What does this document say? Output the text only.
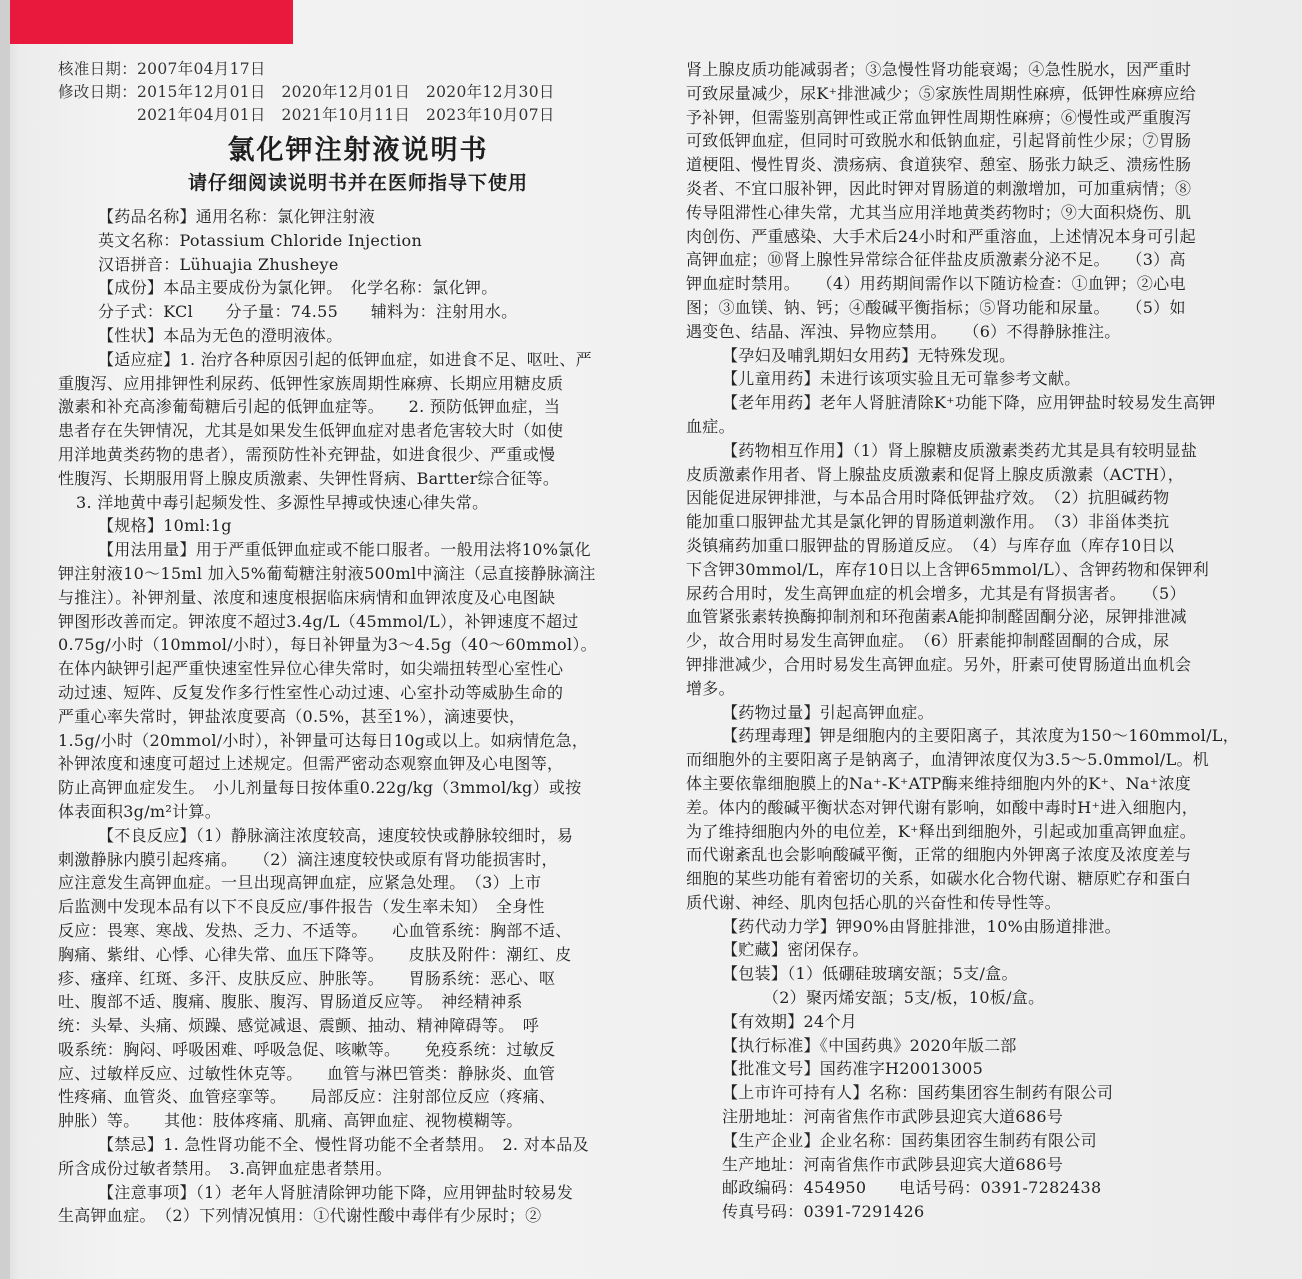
核准日期：2007年04月17日
修改日期：2015年12月01日　2020年12月01日　2020年12月30日
　　　　　2021年04月01日　2021年10月11日　2023年10月07日
氯化钾注射液说明书
请仔细阅读说明书并在医师指导下使用
【药品名称】通用名称：氯化钾注射液
英文名称：Potassium Chloride Injection
汉语拼音：Lühuajia Zhusheye
【成份】本品主要成份为氯化钾。　化学名称：氯化钾。
分子式：KCl　　分子量：74.55　　辅料为：注射用水。
【性状】本品为无色的澄明液体。
【适应症】1. 治疗各种原因引起的低钾血症，如进食不足、呕吐、严
重腹泻、应用排钾性利尿药、低钾性家族周期性麻痹、长期应用糖皮质
激素和补充高渗葡萄糖后引起的低钾血症等。　　2. 预防低钾血症，当
患者存在失钾情况，尤其是如果发生低钾血症对患者危害较大时（如使
用洋地黄类药物的患者），需预防性补充钾盐，如进食很少、严重或慢
性腹泻、长期服用肾上腺皮质激素、失钾性肾病、Bartter综合征等。
3. 洋地黄中毒引起频发性、多源性早搏或快速心律失常。
【规格】10ml:1g
【用法用量】用于严重低钾血症或不能口服者。一般用法将10%氯化
钾注射液10～15ml 加入5%葡萄糖注射液500ml中滴注（忌直接静脉滴注
与推注）。补钾剂量、浓度和速度根据临床病情和血钾浓度及心电图缺
钾图形改善而定。钾浓度不超过3.4g/L（45mmol/L），补钾速度不超过
0.75g/小时（10mmol/小时），每日补钾量为3～4.5g（40～60mmol）。
在体内缺钾引起严重快速室性异位心律失常时，如尖端扭转型心室性心
动过速、短阵、反复发作多行性室性心动过速、心室扑动等威胁生命的
严重心率失常时，钾盐浓度要高（0.5%，甚至1%），滴速要快，
1.5g/小时（20mmol/小时），补钾量可达每日10g或以上。如病情危急，
补钾浓度和速度可超过上述规定。但需严密动态观察血钾及心电图等，
防止高钾血症发生。　小儿剂量每日按体重0.22g/kg（3mmol/kg）或按
体表面积3g/m²计算。
【不良反应】（1）静脉滴注浓度较高，速度较快或静脉较细时，易
刺激静脉内膜引起疼痛。　　（2）滴注速度较快或原有肾功能损害时，
应注意发生高钾血症。一旦出现高钾血症，应紧急处理。　（3）上市
后监测中发现本品有以下不良反应/事件报告（发生率未知）　全身性
反应：畏寒、寒战、发热、乏力、不适等。　　心血管系统：胸部不适、
胸痛、紫绀、心悸、心律失常、血压下降等。　　皮肤及附件：潮红、皮
疹、瘙痒、红斑、多汗、皮肤反应、肿胀等。　　胃肠系统：恶心、呕
吐、腹部不适、腹痛、腹胀、腹泻、胃肠道反应等。　神经精神系
统：头晕、头痛、烦躁、感觉减退、震颤、抽动、精神障碍等。　呼
吸系统：胸闷、呼吸困难、呼吸急促、咳嗽等。　　免疫系统：过敏反
应、过敏样反应、过敏性休克等。　　血管与淋巴管类：静脉炎、血管
性疼痛、血管炎、血管痉挛等。　　局部反应：注射部位反应（疼痛、
肿胀）等。　　其他：肢体疼痛、肌痛、高钾血症、视物模糊等。
【禁忌】1. 急性肾功能不全、慢性肾功能不全者禁用。　2. 对本品及
所含成份过敏者禁用。　3.高钾血症患者禁用。
【注意事项】（1）老年人肾脏清除钾功能下降，应用钾盐时较易发
生高钾血症。　（2）下列情况慎用：①代谢性酸中毒伴有少尿时；②
肾上腺皮质功能减弱者；③急慢性肾功能衰竭；④急性脱水，因严重时
可致尿量减少，尿K⁺排泄减少；⑤家族性周期性麻痹，低钾性麻痹应给
予补钾，但需鉴别高钾性或正常血钾性周期性麻痹；⑥慢性或严重腹泻
可致低钾血症，但同时可致脱水和低钠血症，引起肾前性少尿；⑦胃肠
道梗阻、慢性胃炎、溃疡病、食道狭窄、憩室、肠张力缺乏、溃疡性肠
炎者、不宜口服补钾，因此时钾对胃肠道的刺激增加，可加重病情；⑧
传导阻滞性心律失常，尤其当应用洋地黄类药物时；⑨大面积烧伤、肌
肉创伤、严重感染、大手术后24小时和严重溶血，上述情况本身可引起
高钾血症；⑩肾上腺性异常综合征伴盐皮质激素分泌不足。　　（3）高
钾血症时禁用。　　（4）用药期间需作以下随访检查：①血钾；②心电
图；③血镁、钠、钙；④酸碱平衡指标；⑤肾功能和尿量。　　（5）如
遇变色、结晶、浑浊、异物应禁用。　　（6）不得静脉推注。
【孕妇及哺乳期妇女用药】无特殊发现。
【儿童用药】未进行该项实验且无可靠参考文献。
【老年用药】老年人肾脏清除K⁺功能下降，应用钾盐时较易发生高钾
血症。
【药物相互作用】（1）肾上腺糖皮质激素类药尤其是具有较明显盐
皮质激素作用者、肾上腺盐皮质激素和促肾上腺皮质激素（ACTH），
因能促进尿钾排泄，与本品合用时降低钾盐疗效。　（2）抗胆碱药物
能加重口服钾盐尤其是氯化钾的胃肠道刺激作用。　（3）非甾体类抗
炎镇痛药加重口服钾盐的胃肠道反应。　（4）与库存血（库存10日以
下含钾30mmol/L，库存10日以上含钾65mmol/L）、含钾药物和保钾利
尿药合用时，发生高钾血症的机会增多，尤其是有肾损害者。　　（5）
血管紧张素转换酶抑制剂和环孢菌素A能抑制醛固酮分泌，尿钾排泄减
少，故合用时易发生高钾血症。　（6）肝素能抑制醛固酮的合成，尿
钾排泄减少，合用时易发生高钾血症。另外，肝素可使胃肠道出血机会
增多。
【药物过量】引起高钾血症。
【药理毒理】钾是细胞内的主要阳离子，其浓度为150～160mmol/L，
而细胞外的主要阳离子是钠离子，血清钾浓度仅为3.5～5.0mmol/L。机
体主要依靠细胞膜上的Na⁺-K⁺ATP酶来维持细胞内外的K⁺、Na⁺浓度
差。体内的酸碱平衡状态对钾代谢有影响，如酸中毒时H⁺进入细胞内，
为了维持细胞内外的电位差，K⁺释出到细胞外，引起或加重高钾血症。
而代谢紊乱也会影响酸碱平衡，正常的细胞内外钾离子浓度及浓度差与
细胞的某些功能有着密切的关系，如碳水化合物代谢、糖原贮存和蛋白
质代谢、神经、肌肉包括心肌的兴奋性和传导性等。
【药代动力学】钾90%由肾脏排泄，10%由肠道排泄。
【贮藏】密闭保存。
【包装】（1）低硼硅玻璃安瓿；5支/盒。
　　　（2）聚丙烯安瓿；5支/板，10板/盒。
【有效期】24个月
【执行标准】《中国药典》2020年版二部
【批准文号】国药准字H20013005
【上市许可持有人】名称：国药集团容生制药有限公司
注册地址：河南省焦作市武陟县迎宾大道686号
【生产企业】企业名称：国药集团容生制药有限公司
生产地址：河南省焦作市武陟县迎宾大道686号
邮政编码：454950　　电话号码：0391-7282438
传真号码：0391-7291426
